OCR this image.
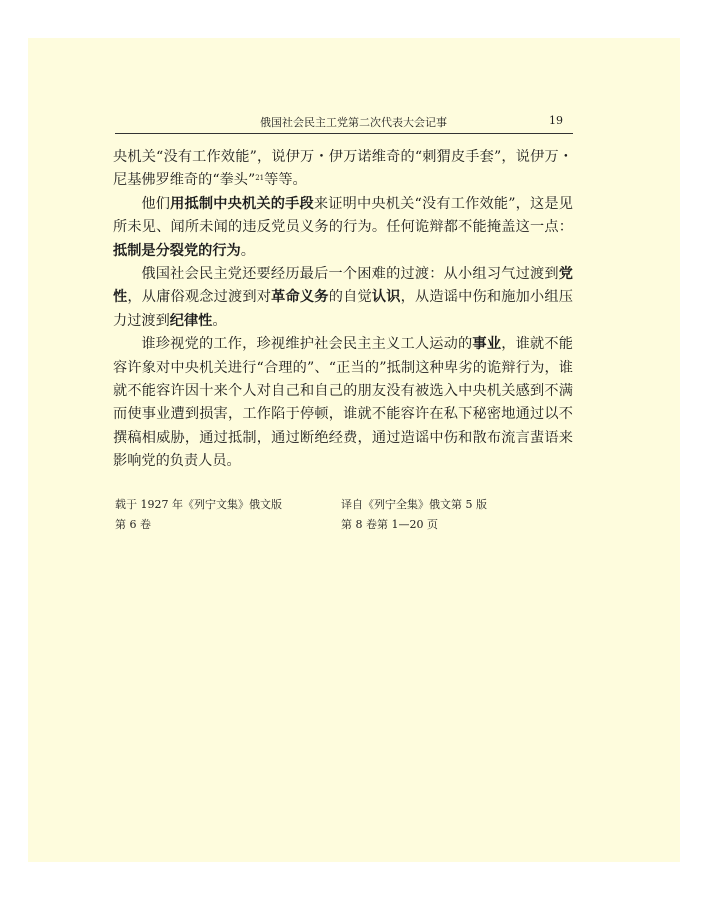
俄国社会民主工党第二次代表大会记事	19

央机关“没有工作效能”，说伊万・伊万诺维奇的“刺猬皮手套”，说伊万・尼基佛罗维奇的“拳头”$^{21}$等等。

他们用抵制中央机关的手段来证明中央机关“没有工作效能”，这是见所未见、闻所未闻的违反党员义务的行为。任何诡辩都不能掩盖这一点：抵制是分裂党的行为。

俄国社会民主党还要经历最后一个困难的过渡：从小组习气过渡到党性，从庸俗观念过渡到对革命义务的自觉认识，从造谣中伤和施加小组压力过渡到纪律性。

谁珍视党的工作，珍视维护社会民主主义工人运动的事业，谁就不能容许象对中央机关进行“合理的”、“正当的”抵制这种卑劣的诡辩行为，谁就不能容许因十来个人对自己和自己的朋友没有被选入中央机关感到不满而使事业遭到损害，工作陷于停顿，谁就不能容许在私下秘密地通过以不撰稿相威胁，通过抵制，通过断绝经费，通过造谣中伤和散布流言蜚语来影响党的负责人员。

载于 1927 年《列宁文集》俄文版
第 6 卷
译自《列宁全集》俄文第 5 版
第 8 卷第 1—20 页
